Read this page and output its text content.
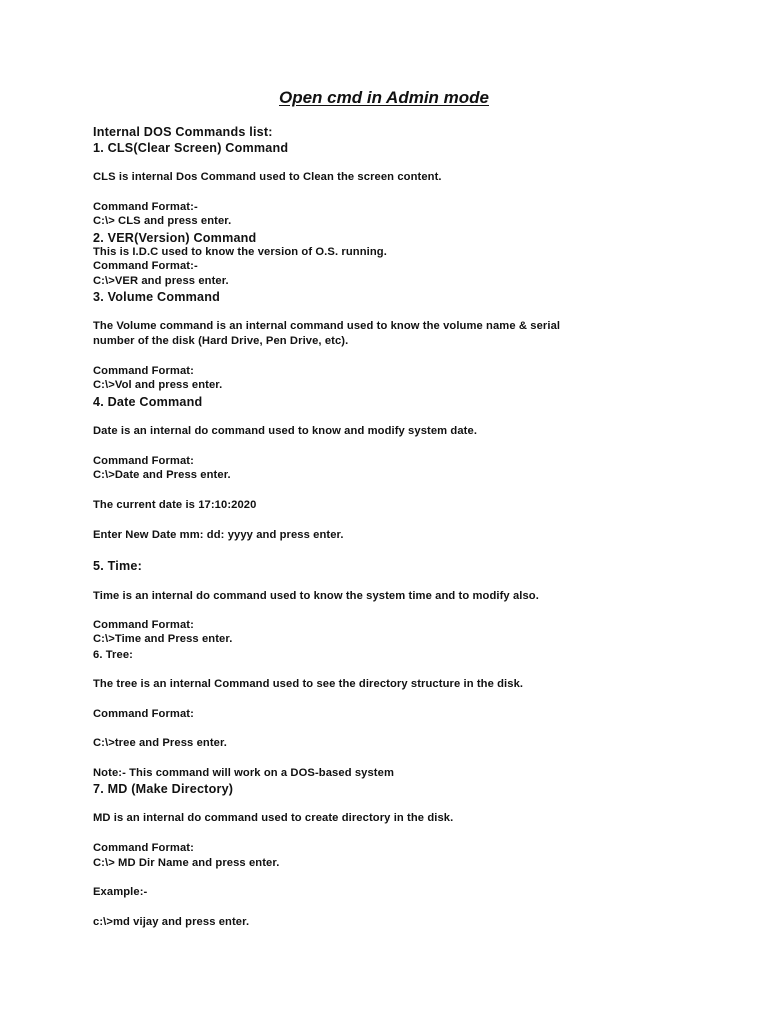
Open cmd in Admin mode
Internal DOS Commands list:
1. CLS(Clear Screen) Command
CLS is internal Dos Command used to Clean the screen content.
Command Format:-
C:\> CLS and press enter.
2. VER(Version) Command
This is I.D.C used to know the version of O.S. running.
Command Format:-
C:\>VER and press enter.
3. Volume Command
The Volume command is an internal command used to know the volume name & serial
number of the disk (Hard Drive, Pen Drive, etc).
Command Format:
C:\>Vol and press enter.
4. Date Command
Date is an internal do command used to know and modify system date.
Command Format:
C:\>Date and Press enter.
The current date is 17:10:2020
Enter New Date mm: dd: yyyy and press enter.
5. Time:
Time is an internal do command used to know the system time and to modify also.
Command Format:
C:\>Time and Press enter.
6. Tree:
The tree is an internal Command used to see the directory structure in the disk.
Command Format:
C:\>tree and Press enter.
Note:- This command will work on a DOS-based system
7. MD (Make Directory)
MD is an internal do command used to create directory in the disk.
Command Format:
C:\> MD Dir Name and press enter.
Example:-
c:\>md vijay and press enter.
